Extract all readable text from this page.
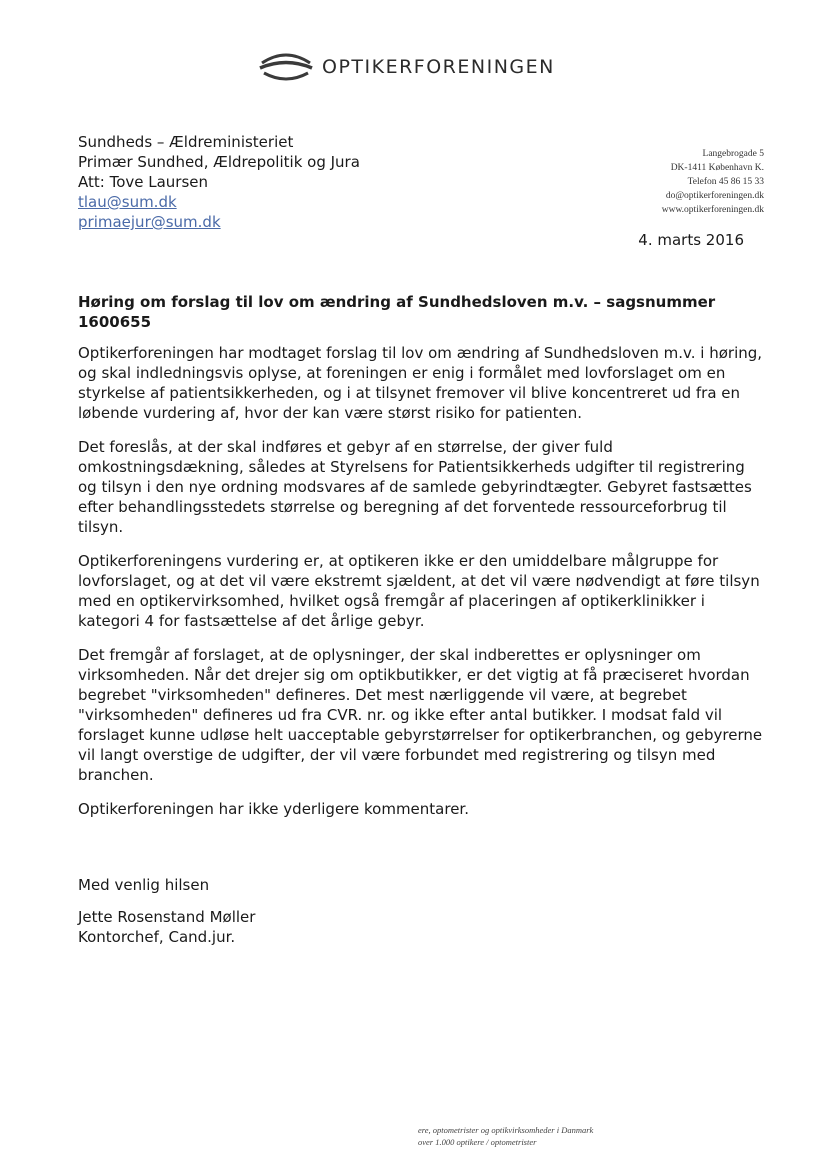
OPTIKERFORENINGEN
Sundheds – Ældreministeriet
Primær Sundhed, Ældrepolitik og Jura
Att: Tove Laursen
tlau@sum.dk
primaejur@sum.dk
Langebrogade 5
DK-1411 København K.
Telefon 45 86 15 33
do@optikerforeningen.dk
www.optikerforeningen.dk
4. marts 2016
Høring om forslag til lov om ændring af Sundhedsloven m.v. – sagsnummer 1600655

Optikerforeningen har modtaget forslag til lov om ændring af Sundhedsloven m.v. i høring, og skal indledningsvis oplyse, at foreningen er enig i formålet med lovforslaget om en styrkelse af patientsikkerheden, og i at tilsynet fremover vil blive koncentreret ud fra en løbende vurdering af, hvor der kan være størst risiko for patienten.

Det foreslås, at der skal indføres et gebyr af en størrelse, der giver fuld omkostningsdækning, således at Styrelsens for Patientsikkerheds udgifter til registrering og tilsyn i den nye ordning modsvares af de samlede gebyrindtægter. Gebyret fastsættes efter behandlingsstedets størrelse og beregning af det forventede ressourceforbrug til tilsyn.

Optikerforeningens vurdering er, at optikeren ikke er den umiddelbare målgruppe for lovforslaget, og at det vil være ekstremt sjældent, at det vil være nødvendigt at føre tilsyn med en optikervirksomhed, hvilket også fremgår af placeringen af optikerklinikker i kategori 4 for fastsættelse af det årlige gebyr.

Det fremgår af forslaget, at de oplysninger, der skal indberettes er oplysninger om virksomheden. Når det drejer sig om optikbutikker, er det vigtig at få præciseret hvordan begrebet "virksomheden" defineres. Det mest nærliggende vil være, at begrebet "virksomheden" defineres ud fra CVR. nr. og ikke efter antal butikker. I modsat fald vil forslaget kunne udløse helt uacceptable gebyrstørrelser for optikerbranchen, og gebyrerne vil langt overstige de udgifter, der vil være forbundet med registrering og tilsyn med branchen.

Optikerforeningen har ikke yderligere kommentarer.

Med venlig hilsen
Jette Rosenstand Møller
Kontorchef, Cand.jur.
ere, optometrister og optikvirksomheder i Danmark
over 1.000 optikere / optometrister
